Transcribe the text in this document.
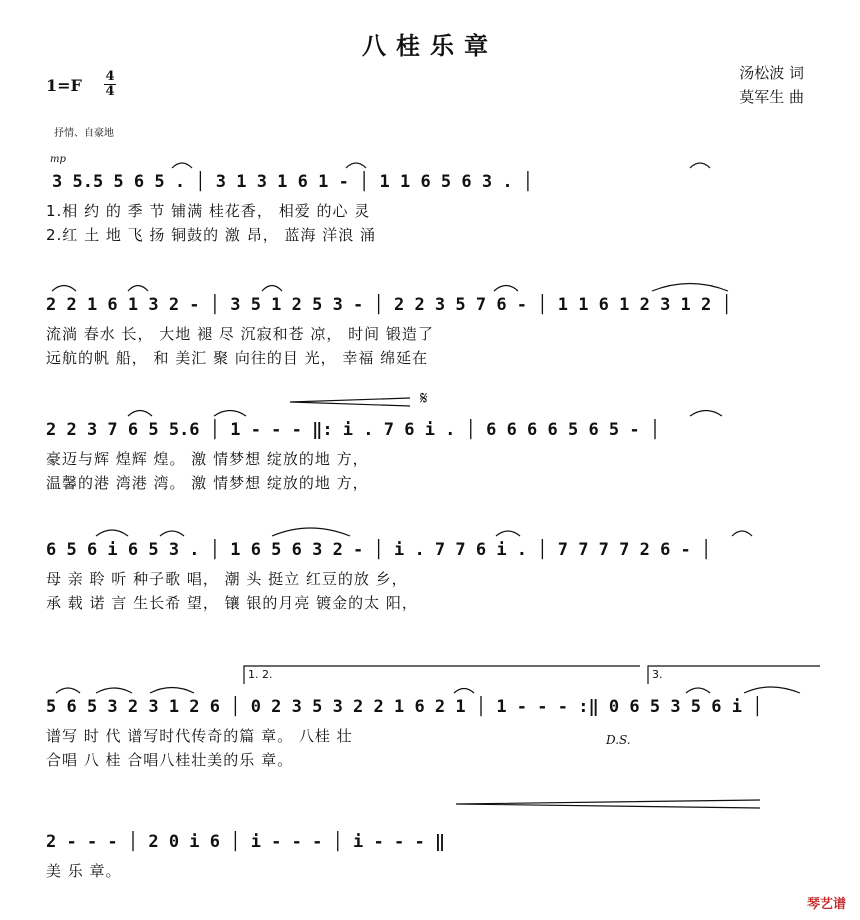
八桂乐章
1=F 4
4
汤松波 词
莫军生 曲
抒情、自豪地
mp
3 5.5 5 6 5 . │ 3 1 3 1 6 1 - │ 1 1 6 5 6 3 . │
1.相 约 的 季 节 铺满 桂花香， 相爱 的心 灵
2.红 土 地 飞 扬 铜鼓的 激 昂， 蓝海 洋浪 涌
2 2 1 6 1 3 2 - │ 3 5 1 2 5 3 - │ 2 2 3 5 7 6 - │ 1 1 6 1 2 3 1 2 │
流淌 春水 长， 大地 褪 尽 沉寂和苍 凉， 时间 锻造了
远航的帆 船， 和 美汇 聚 向往的目 光， 幸福 绵延在
2 2 3 7 6 5 5.6 │ 1 - - - ‖: i . 7 6 i . │ 6 6 6 6 5 6 5 - │
豪迈与辉 煌辉 煌。 激 情梦想 绽放的地 方，
温馨的港 湾港 湾。 激 情梦想 绽放的地 方，
𝄋
6 5 6 i 6 5 3 . │ 1 6 5 6 3 2 - │ i . 7 7 6 i . │ 7 7 7 7 2 6 - │
母 亲 聆 听 种子歌 唱， 潮 头 挺立 红豆的放 乡，
承 载 诺 言 生长希 望， 镶 银的月亮 镀金的太 阳，
1. 2.	3.
5 6 5 3 2 3 1 2 6 │ 0 2 3 5 3 2 2 1 6 2 1 │ 1 - - - :‖ 0 6 5 3 5 6 i │
谱写 时 代 谱写时代传奇的篇 章。 八桂 壮
合唱 八 桂 合唱八桂壮美的乐 章。
D.S.
2 - - - │ 2 0 i 6 │ i - - - │ i - - - ‖
美 乐 章。
琴艺谱
